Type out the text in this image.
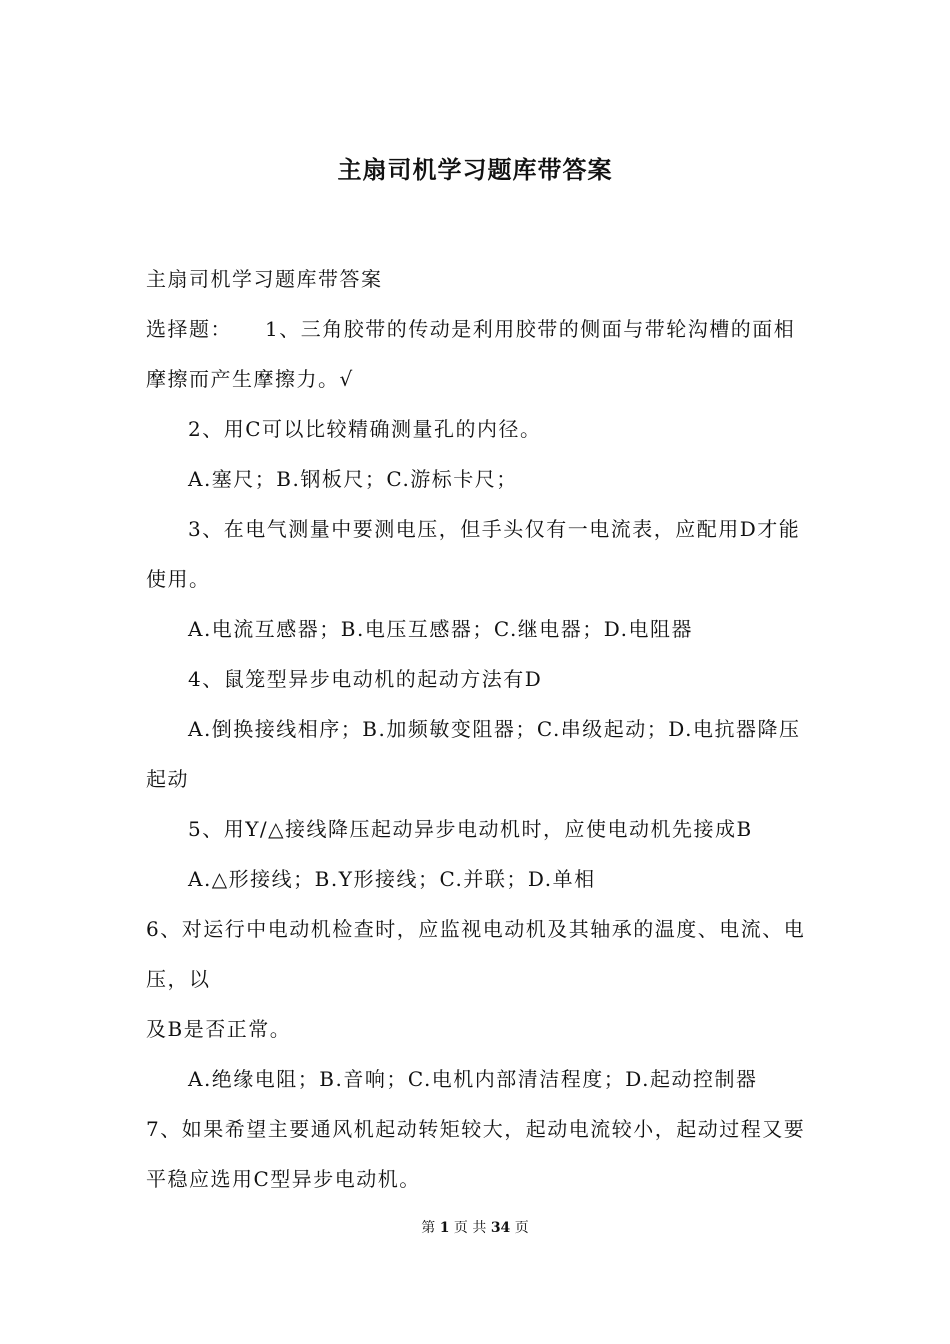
主扇司机学习题库带答案

主扇司机学习题库带答案

选择题：　　1、三角胶带的传动是利用胶带的侧面与带轮沟槽的面相摩擦而产生摩擦力。√

2、用C可以比较精确测量孔的内径。

A.塞尺；B.钢板尺；C.游标卡尺；

3、在电气测量中要测电压，但手头仅有一电流表，应配用D才能使用。

A.电流互感器；B.电压互感器；C.继电器；D.电阻器

4、鼠笼型异步电动机的起动方法有D

A.倒换接线相序；B.加频敏变阻器；C.串级起动；D.电抗器降压起动

5、用Y/△接线降压起动异步电动机时，应使电动机先接成B

A.△形接线；B.Y形接线；C.并联；D.单相

6、对运行中电动机检查时，应监视电动机及其轴承的温度、电流、电压，以

及B是否正常。

A.绝缘电阻；B.音响；C.电机内部清洁程度；D.起动控制器

7、如果希望主要通风机起动转矩较大，起动电流较小，起动过程又要平稳应选用C型异步电动机。

第 1 页 共 34 页
